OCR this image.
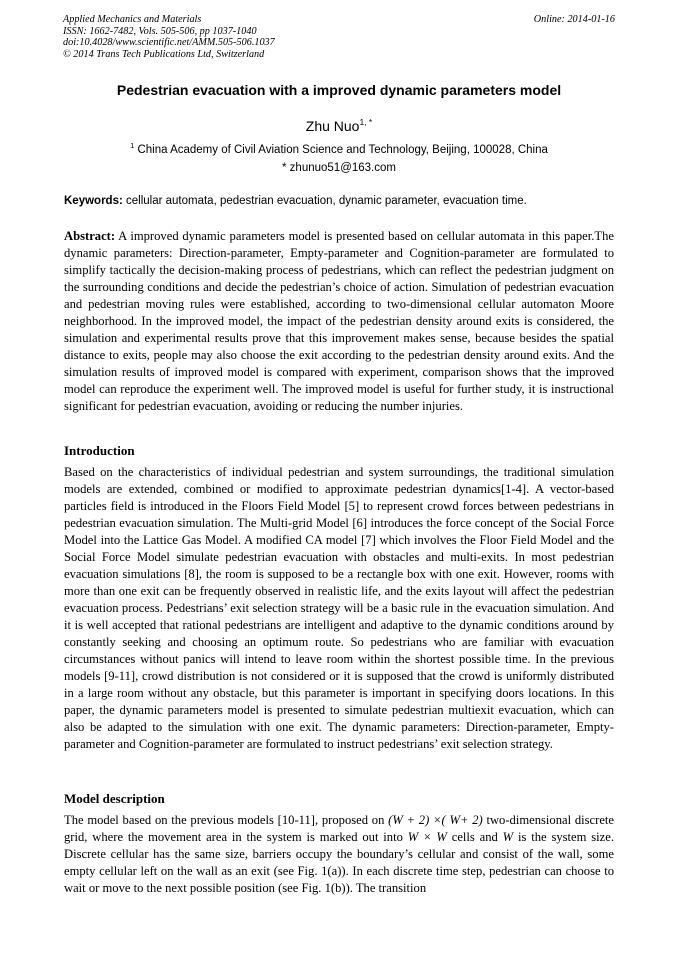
Applied Mechanics and Materials
ISSN: 1662-7482, Vols. 505-506, pp 1037-1040
doi:10.4028/www.scientific.net/AMM.505-506.1037
© 2014 Trans Tech Publications Ltd, Switzerland
Online: 2014-01-16
Pedestrian evacuation with a improved dynamic parameters model
Zhu Nuo$^{1, *}$
$^1$ China Academy of Civil Aviation Science and Technology, Beijing, 100028, China
* zhunuo51@163.com
Keywords: cellular automata, pedestrian evacuation, dynamic parameter, evacuation time.
Abstract: A improved dynamic parameters model is presented based on cellular automata in this paper.The dynamic parameters: Direction-parameter, Empty-parameter and Cognition-parameter are formulated to simplify tactically the decision-making process of pedestrians, which can reflect the pedestrian judgment on the surrounding conditions and decide the pedestrian’s choice of action. Simulation of pedestrian evacuation and pedestrian moving rules were established, according to two-dimensional cellular automaton Moore neighborhood. In the improved model, the impact of the pedestrian density around exits is considered, the simulation and experimental results prove that this improvement makes sense, because besides the spatial distance to exits, people may also choose the exit according to the pedestrian density around exits. And the simulation results of improved model is compared with experiment, comparison shows that the improved model can reproduce the experiment well. The improved model is useful for further study, it is instructional significant for pedestrian evacuation, avoiding or reducing the number injuries.
Introduction
Based on the characteristics of individual pedestrian and system surroundings, the traditional simulation models are extended, combined or modified to approximate pedestrian dynamics[1-4]. A vector-based particles field is introduced in the Floors Field Model [5] to represent crowd forces between pedestrians in pedestrian evacuation simulation. The Multi-grid Model [6] introduces the force concept of the Social Force Model into the Lattice Gas Model. A modified CA model [7] which involves the Floor Field Model and the Social Force Model simulate pedestrian evacuation with obstacles and multi-exits. In most pedestrian evacuation simulations [8], the room is supposed to be a rectangle box with one exit. However, rooms with more than one exit can be frequently observed in realistic life, and the exits layout will affect the pedestrian evacuation process. Pedestrians’ exit selection strategy will be a basic rule in the evacuation simulation. And it is well accepted that rational pedestrians are intelligent and adaptive to the dynamic conditions around by constantly seeking and choosing an optimum route. So pedestrians who are familiar with evacuation circumstances without panics will intend to leave room within the shortest possible time. In the previous models [9-11], crowd distribution is not considered or it is supposed that the crowd is uniformly distributed in a large room without any obstacle, but this parameter is important in specifying doors locations. In this paper, the dynamic parameters model is presented to simulate pedestrian multiexit evacuation, which can also be adapted to the simulation with one exit. The dynamic parameters: Direction-parameter, Empty-parameter and Cognition-parameter are formulated to instruct pedestrians’ exit selection strategy.
Model description
The model based on the previous models [10-11], proposed on (W + 2) ×( W+ 2) two-dimensional discrete grid, where the movement area in the system is marked out into W × W cells and W is the system size. Discrete cellular has the same size, barriers occupy the boundary’s cellular and consist of the wall, some empty cellular left on the wall as an exit (see Fig. 1(a)). In each discrete time step, pedestrian can choose to wait or move to the next possible position (see Fig. 1(b)). The transition
